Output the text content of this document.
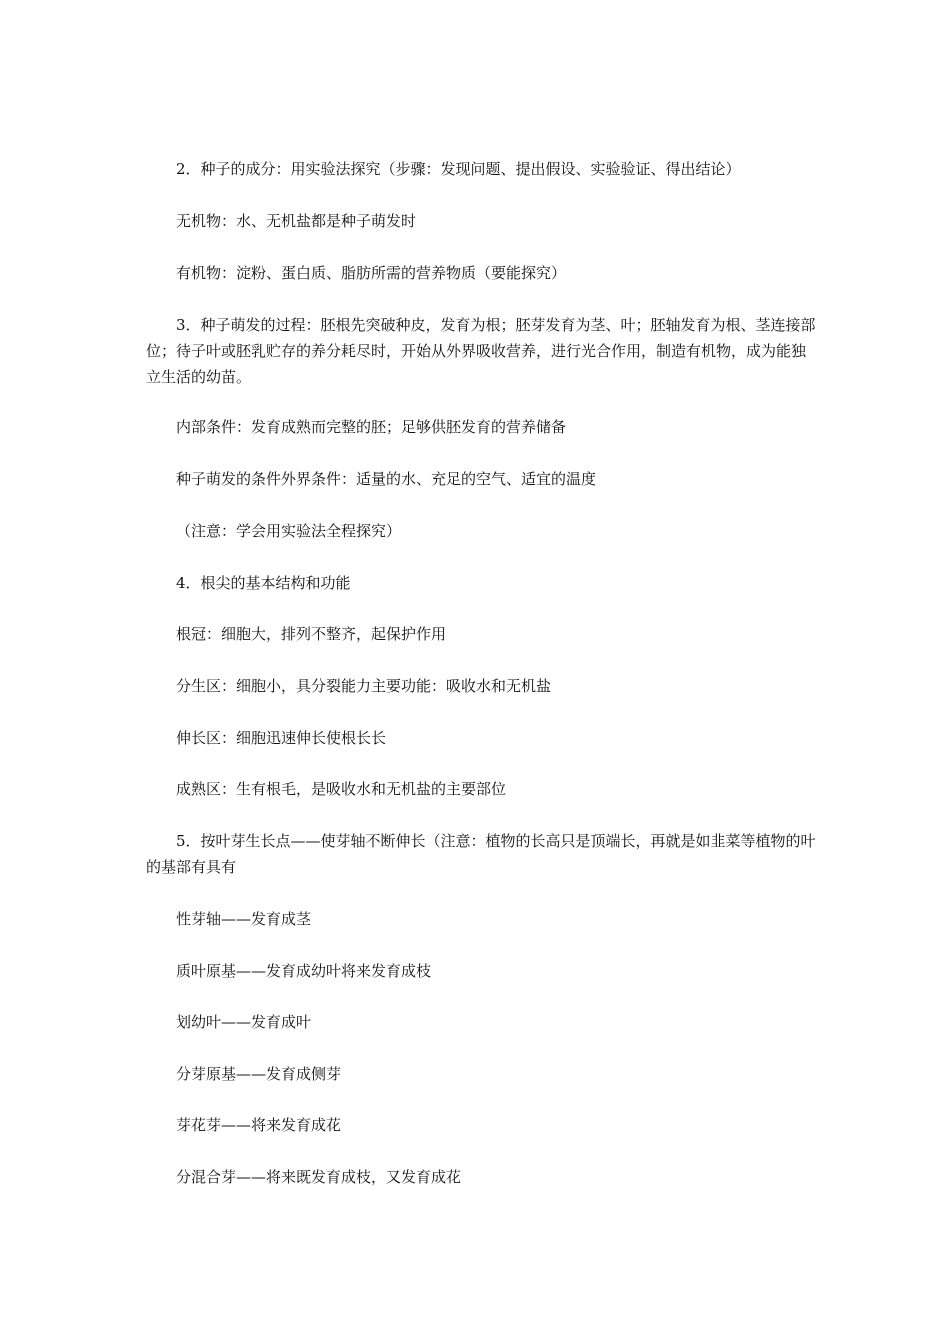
2．种子的成分：用实验法探究（步骤：发现问题、提出假设、实验验证、得出结论）

无机物：水、无机盐都是种子萌发时

有机物：淀粉、蛋白质、脂肪所需的营养物质（要能探究）

3．种子萌发的过程：胚根先突破种皮，发育为根；胚芽发育为茎、叶；胚轴发育为根、茎连接部位；待子叶或胚乳贮存的养分耗尽时，开始从外界吸收营养，进行光合作用，制造有机物，成为能独立生活的幼苗。

内部条件：发育成熟而完整的胚；足够供胚发育的营养储备

种子萌发的条件外界条件：适量的水、充足的空气、适宜的温度

（注意：学会用实验法全程探究）

4．根尖的基本结构和功能

根冠：细胞大，排列不整齐，起保护作用

分生区：细胞小，具分裂能力主要功能：吸收水和无机盐

伸长区：细胞迅速伸长使根长长

成熟区：生有根毛，是吸收水和无机盐的主要部位

5．按叶芽生长点——使芽轴不断伸长（注意：植物的长高只是顶端长，再就是如韭菜等植物的叶的基部有具有

性芽轴——发育成茎

质叶原基——发育成幼叶将来发育成枝

划幼叶——发育成叶

分芽原基——发育成侧芽

芽花芽——将来发育成花

分混合芽——将来既发育成枝，又发育成花
